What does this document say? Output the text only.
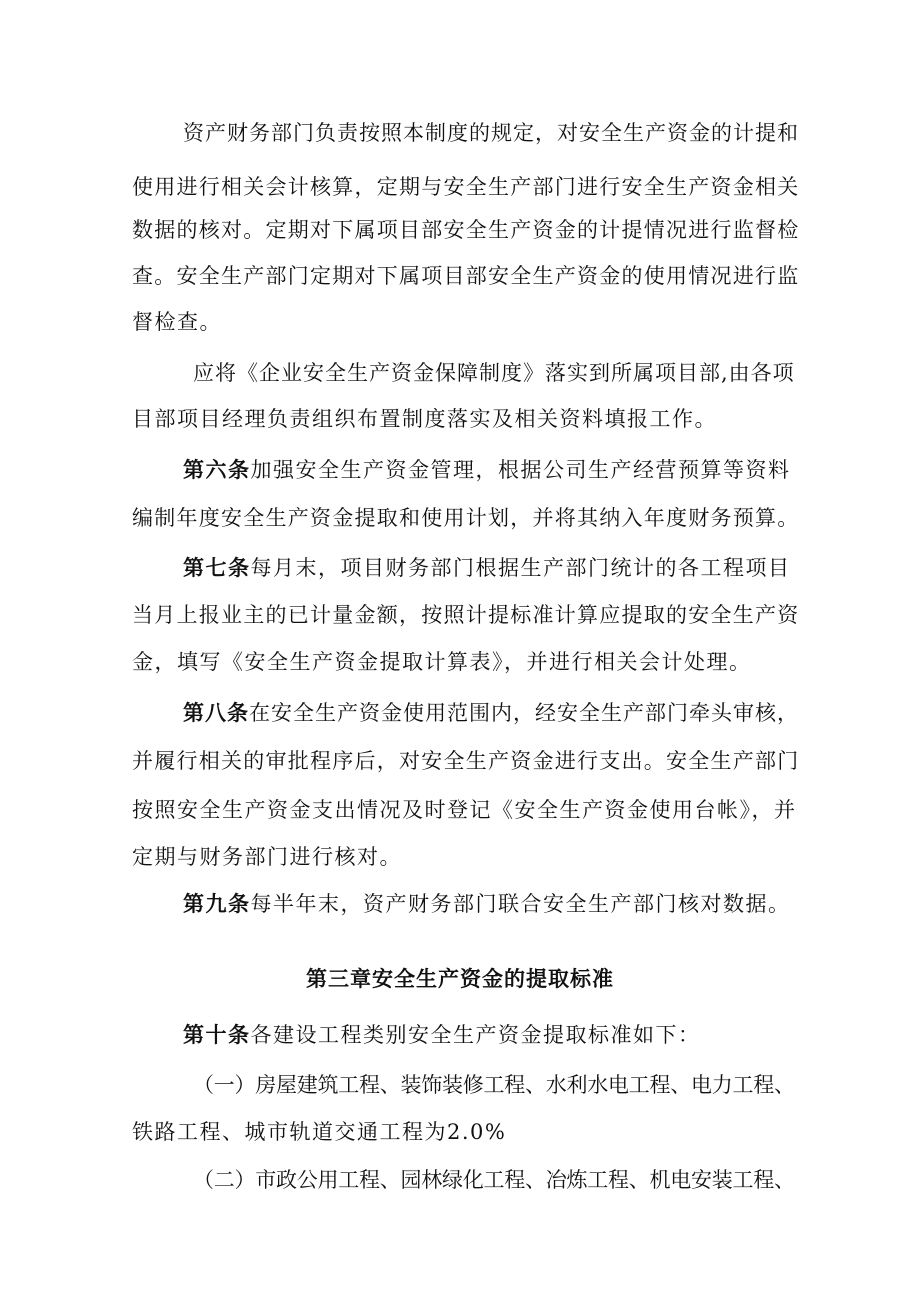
资产财务部门负责按照本制度的规定，对安全生产资金的计提和
使用进行相关会计核算，定期与安全生产部门进行安全生产资金相关
数据的核对。定期对下属项目部安全生产资金的计提情况进行监督检
查。安全生产部门定期对下属项目部安全生产资金的使用情况进行监
督检查。
应将《企业安全生产资金保障制度》落实到所属项目部,由各项
目部项目经理负责组织布置制度落实及相关资料填报工作。
第六条加强安全生产资金管理，根据公司生产经营预算等资料
编制年度安全生产资金提取和使用计划，并将其纳入年度财务预算。
第七条每月末，项目财务部门根据生产部门统计的各工程项目
当月上报业主的已计量金额，按照计提标准计算应提取的安全生产资
金，填写《安全生产资金提取计算表》，并进行相关会计处理。
第八条在安全生产资金使用范围内，经安全生产部门牵头审核，
并履行相关的审批程序后，对安全生产资金进行支出。安全生产部门
按照安全生产资金支出情况及时登记《安全生产资金使用台帐》，并
定期与财务部门进行核对。
第九条每半年末，资产财务部门联合安全生产部门核对数据。
第三章安全生产资金的提取标准
第十条各建设工程类别安全生产资金提取标准如下：
（一）房屋建筑工程、装饰装修工程、水利水电工程、电力工程、
铁路工程、城市轨道交通工程为2.0%
（二）市政公用工程、园林绿化工程、冶炼工程、机电安装工程、
